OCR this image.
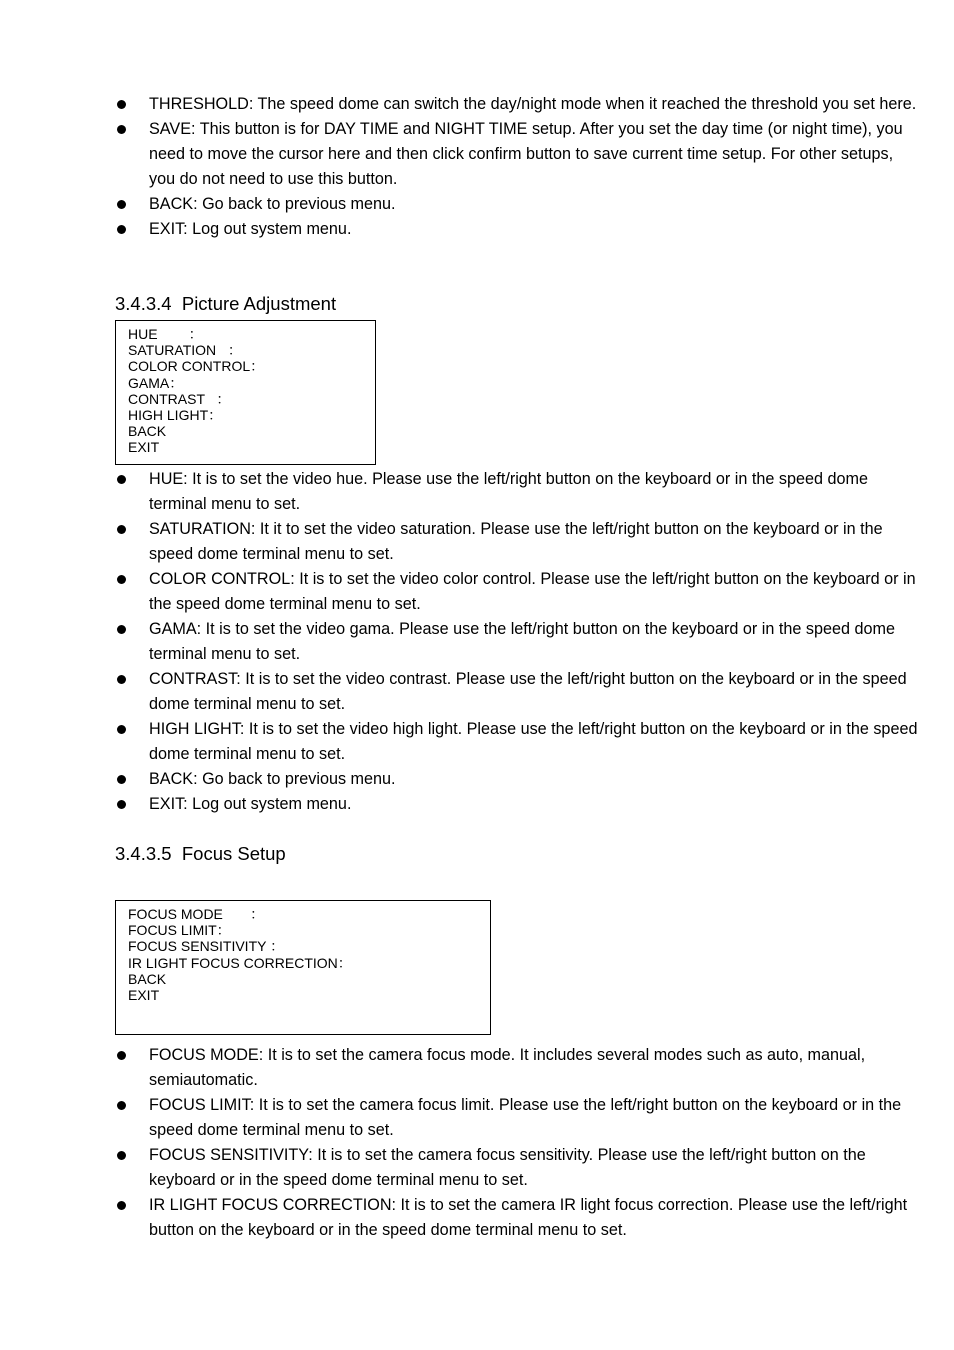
THRESHOLD: The speed dome can switch the day/night mode when it reached the threshold you set here.
SAVE: This button is for DAY TIME and NIGHT TIME setup. After you set the day time (or night time), you need to move the cursor here and then click confirm button to save current time setup. For other setups, you do not need to use this button.
BACK: Go back to previous menu.
EXIT: Log out system menu.
3.4.3.4  Picture Adjustment
HUE        ：
SATURATION   ：
COLOR CONTROL：
GAMA：
CONTRAST   ：
HIGH LIGHT：
BACK
EXIT
HUE: It is to set the video hue. Please use the left/right button on the keyboard or in the speed dome terminal menu to set.
SATURATION: It it to set the video saturation. Please use the left/right button on the keyboard or in the speed dome terminal menu to set.
COLOR CONTROL: It is to set the video color control. Please use the left/right button on the keyboard or in the speed dome terminal menu to set.
GAMA: It is to set the video gama. Please use the left/right button on the keyboard or in the speed dome terminal menu to set.
CONTRAST: It is to set the video contrast. Please use the left/right button on the keyboard or in the speed dome terminal menu to set.
HIGH LIGHT: It is to set the video high light. Please use the left/right button on the keyboard or in the speed dome terminal menu to set.
BACK: Go back to previous menu.
EXIT: Log out system menu.
3.4.3.5  Focus Setup
FOCUS MODE       ：
FOCUS LIMIT：
FOCUS SENSITIVITY ：
IR LIGHT FOCUS CORRECTION：
BACK
EXIT
FOCUS MODE: It is to set the camera focus mode. It includes several modes such as auto, manual, semiautomatic.
FOCUS LIMIT: It is to set the camera focus limit. Please use the left/right button on the keyboard or in the speed dome terminal menu to set.
FOCUS SENSITIVITY: It is to set the camera focus sensitivity. Please use the left/right button on the keyboard or in the speed dome terminal menu to set.
IR LIGHT FOCUS CORRECTION: It is to set the camera IR light focus correction. Please use the left/right button on the keyboard or in the speed dome terminal menu to set.
